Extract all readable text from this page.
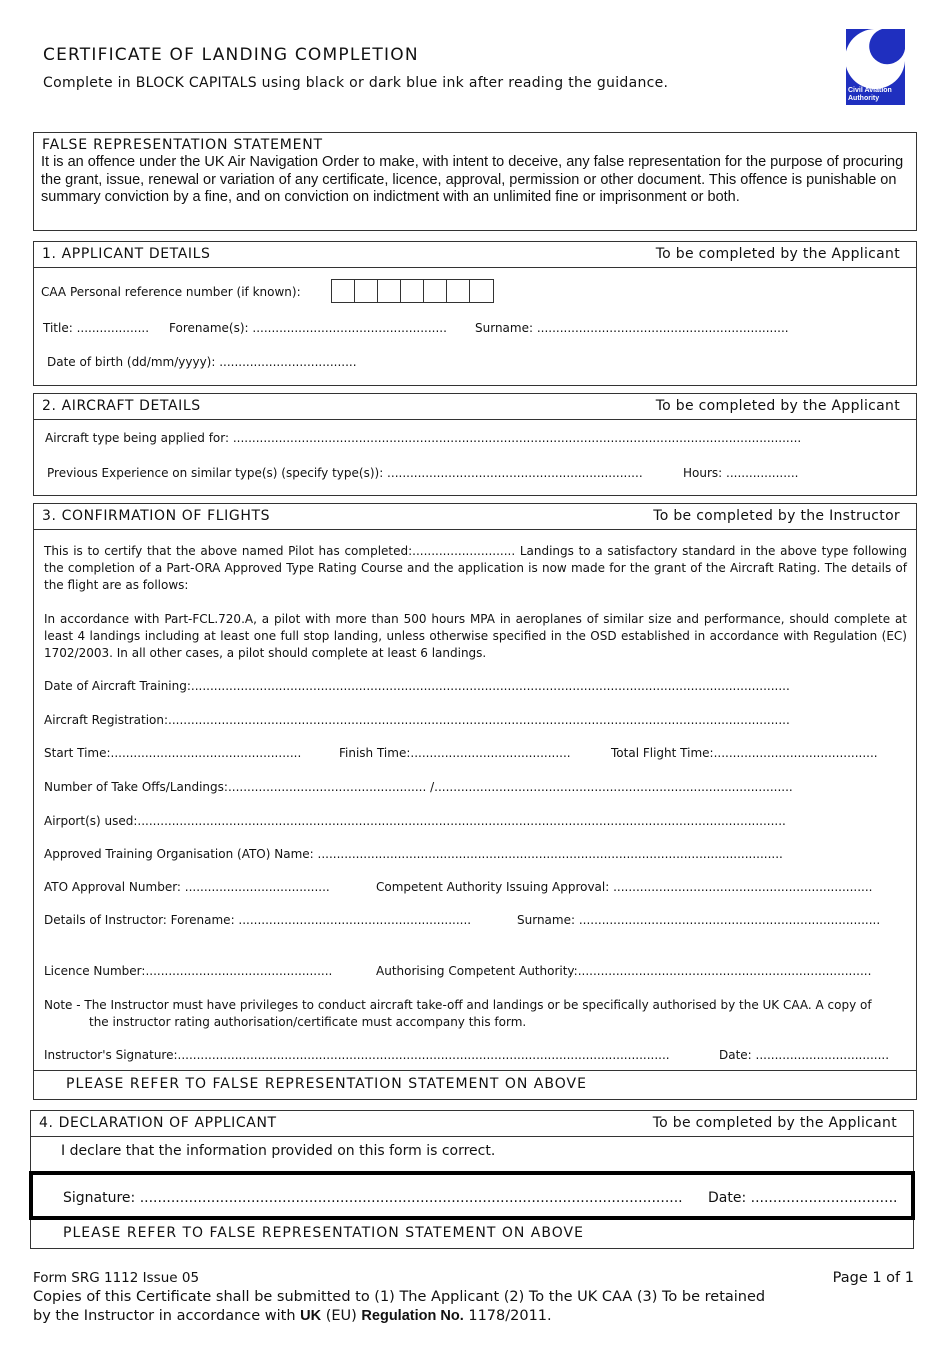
CERTIFICATE OF LANDING COMPLETION
Complete in BLOCK CAPITALS using black or dark blue ink after reading the guidance.	Civil Aviation
Authority
FALSE REPRESENTATION STATEMENT
It is an offence under the UK Air Navigation Order to make, with intent to deceive, any false representation for the purpose of procuring the grant, issue, renewal or variation of any certificate, licence, approval, permission or other document. This offence is punishable on summary conviction by a fine, and on conviction on indictment with an unlimited fine or imprisonment or both.
1. APPLICANT DETAILS	To be completed by the Applicant
CAA Personal reference number (if known):
Title: ................... Forename(s): ................................................... Surname: ..................................................................
Date of birth (dd/mm/yyyy): ....................................
2. AIRCRAFT DETAILS	To be completed by the Applicant
Aircraft type being applied for: .....................................................................................................................................................
Previous Experience on similar type(s) (specify type(s)): ...................................................................	Hours: ...................
3. CONFIRMATION OF FLIGHTS	To be completed by the Instructor
This is to certify that the above named Pilot has completed:........................... Landings to a satisfactory standard in the above type following the completion of a Part-ORA Approved Type Rating Course and the application is now made for the grant of the Aircraft Rating. The details of the flight are as follows:
In accordance with Part-FCL.720.A, a pilot with more than 500 hours MPA in aeroplanes of similar size and performance, should complete at least 4 landings including at least one full stop landing, unless otherwise specified in the OSD established in accordance with Regulation (EC) 1702/2003. In all other cases, a pilot should complete at least 6 landings.
Date of Aircraft Training:.............................................................................................................................................................
Aircraft Registration:...................................................................................................................................................................
Start Time:..................................................	Finish Time:..........................................	Total Flight Time:...........................................
Number of Take Offs/Landings:.................................................... /..............................................................................................
Airport(s) used:..........................................................................................................................................................................
Approved Training Organisation (ATO) Name: ..........................................................................................................................
ATO Approval Number: ......................................	Competent Authority Issuing Approval: ....................................................................
Details of Instructor: Forename: .............................................................	Surname: ...............................................................................
Licence Number:.................................................	Authorising Competent Authority:.............................................................................
Note - The Instructor must have privileges to conduct aircraft take-off and landings or be specifically authorised by the UK CAA. A copy of
the instructor rating authorisation/certificate must accompany this form.
Instructor's Signature:.................................................................................................................................	Date: ...................................
PLEASE REFER TO FALSE REPRESENTATION STATEMENT ON ABOVE
4. DECLARATION OF APPLICANT	To be completed by the Applicant
I declare that the information provided on this form is correct.
Signature: .......................................................................................................................... Date: .................................
PLEASE REFER TO FALSE REPRESENTATION STATEMENT ON ABOVE
Form SRG 1112 Issue 05	Page 1 of 1
Copies of this Certificate shall be submitted to (1) The Applicant (2) To the UK CAA (3) To be retained
by the Instructor in accordance with UK (EU) Regulation No. 1178/2011.
